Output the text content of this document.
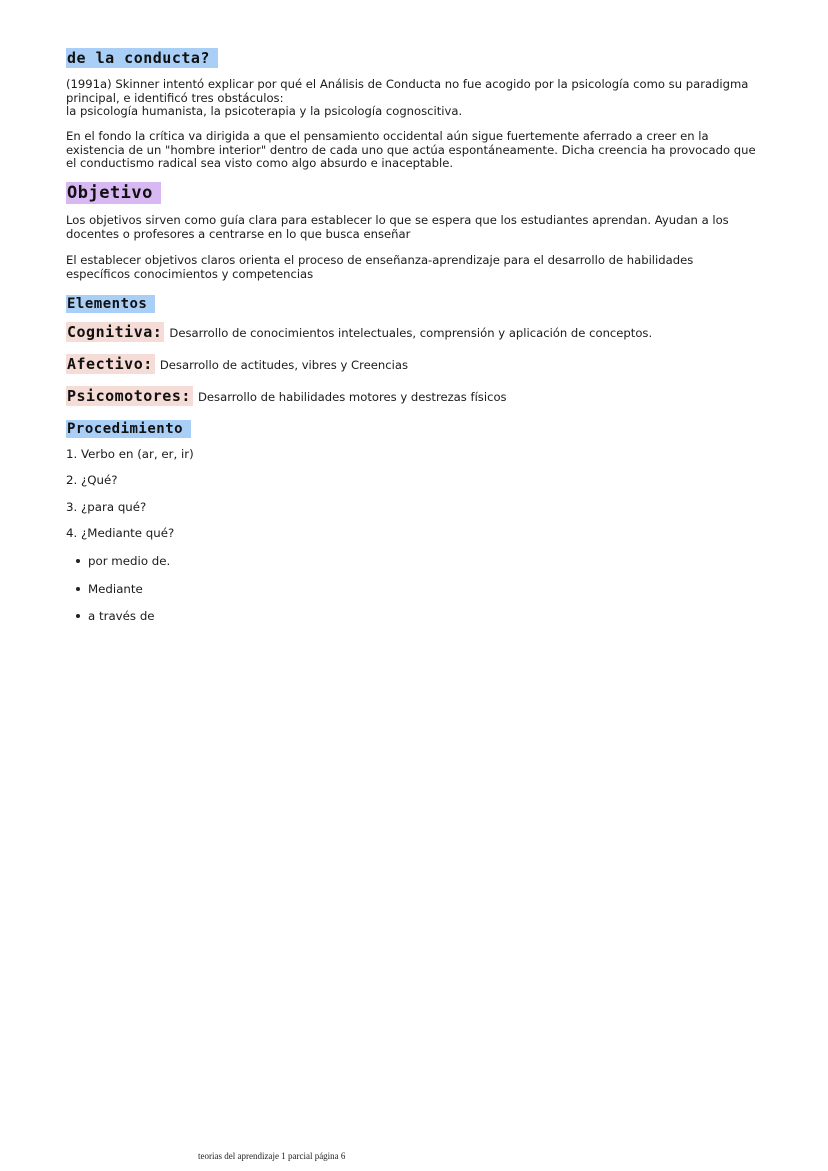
de la conducta?

(1991a) Skinner intentó explicar por qué el Análisis de Conducta no fue acogido por la psicología como su paradigma

principal, e identificó tres obstáculos:

la psicología humanista, la psicoterapia y la psicología cognoscitiva.

En el fondo la crítica va dirigida a que el pensamiento occidental aún sigue fuertemente aferrado a creer en la

existencia de un "hombre interior" dentro de cada uno que actúa espontáneamente. Dicha creencia ha provocado que

el conductismo radical sea visto como algo absurdo e inaceptable.

Objetivo

Los objetivos sirven como guía clara para establecer lo que se espera que los estudiantes aprendan. Ayudan a los

docentes o profesores a centrarse en lo que busca enseñar

El establecer objetivos claros orienta el proceso de enseñanza-aprendizaje para el desarrollo de habilidades

específicos conocimientos y competencias

Elementos
Cognitiva: Desarrollo de conocimientos intelectuales, comprensión y aplicación de conceptos.
Afectivo: Desarrollo de actitudes, vibres y Creencias
Psicomotores: Desarrollo de habilidades motores y destrezas físicos
Procedimiento
1. Verbo en (ar, er, ir)
2. ¿Qué?
3. ¿para qué?
4. ¿Mediante qué?
por medio de.
Mediante
a través de
teorias del aprendizaje 1 parcial página 6
